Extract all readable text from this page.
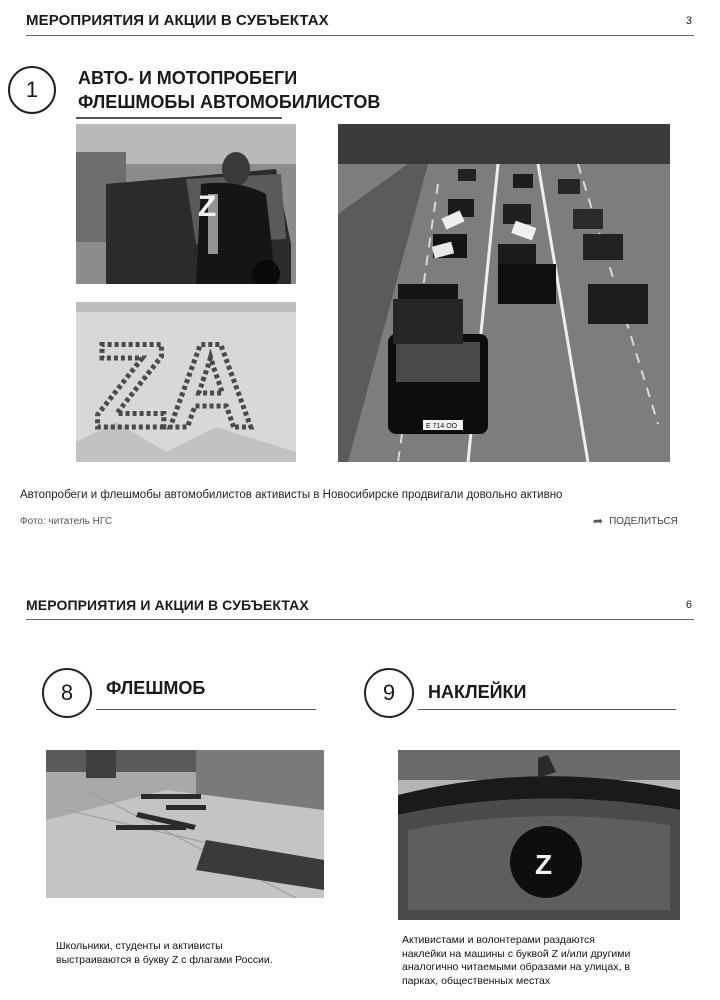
МЕРОПРИЯТИЯ И АКЦИИ В СУБЪЕКТАХ	3
1 АВТО- И МОТОПРОБЕГИ
ФЛЕШМОБЫ АВТОМОБИЛИСТОВ
Z
ZA	Е 714 ОО
Автопробеги и флешмобы автомобилистов активисты в Новосибирске продвигали довольно активно
Фото: читатель НГС	➦ ПОДЕЛИТЬСЯ
МЕРОПРИЯТИЯ И АКЦИИ В СУБЪЕКТАХ	6
8 ФЛЕШМОБ
Школьники, студенты и активисты
выстраиваются в букву Z с флагами России.
9 НАКЛЕЙКИ
Z
Активистами и волонтерами раздаются
наклейки на машины с буквой Z и/или другими
аналогично читаемыми образами на улицах, в
парках, общественных местах
